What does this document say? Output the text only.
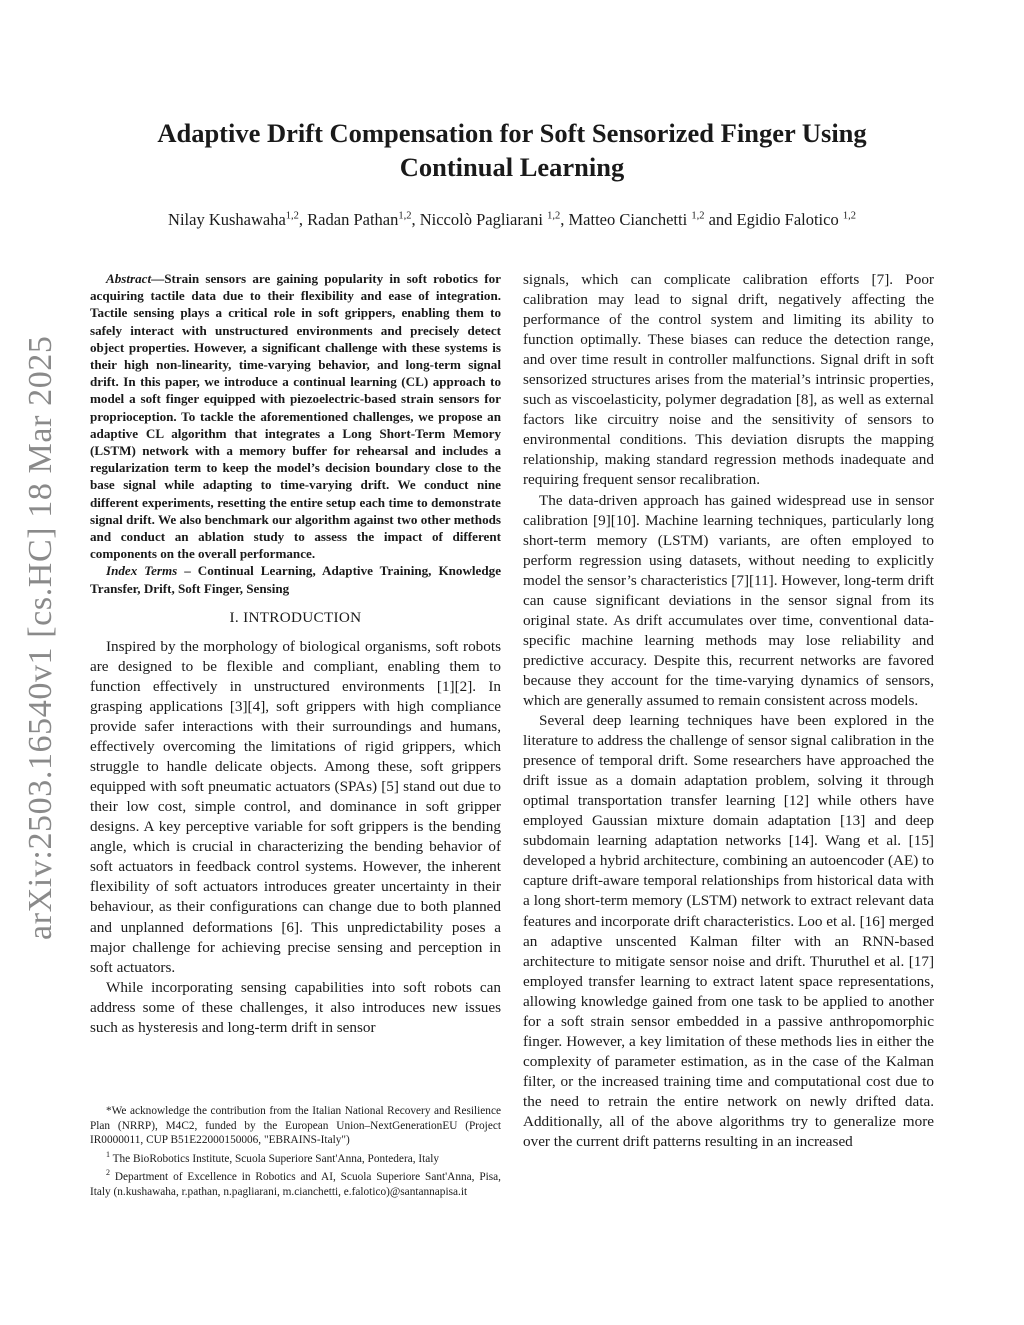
arXiv:2503.16540v1 [cs.HC] 18 Mar 2025
Adaptive Drift Compensation for Soft Sensorized Finger Using Continual Learning
Nilay Kushawaha$^{1,2}$, Radan Pathan$^{1,2}$, Niccolò Pagliarani $^{1,2}$, Matteo Cianchetti $^{1,2}$ and Egidio Falotico $^{1,2}$

Abstract—Strain sensors are gaining popularity in soft robotics for acquiring tactile data due to their flexibility and ease of integration. Tactile sensing plays a critical role in soft grippers, enabling them to safely interact with unstructured environments and precisely detect object properties. However, a significant challenge with these systems is their high non-linearity, time-varying behavior, and long-term signal drift. In this paper, we introduce a continual learning (CL) approach to model a soft finger equipped with piezoelectric-based strain sensors for proprioception. To tackle the aforementioned challenges, we propose an adaptive CL algorithm that integrates a Long Short-Term Memory (LSTM) network with a memory buffer for rehearsal and includes a regularization term to keep the model’s decision boundary close to the base signal while adapting to time-varying drift. We conduct nine different experiments, resetting the entire setup each time to demonstrate signal drift. We also benchmark our algorithm against two other methods and conduct an ablation study to assess the impact of different components on the overall performance.

Index Terms – Continual Learning, Adaptive Training, Knowledge Transfer, Drift, Soft Finger, Sensing

I. INTRODUCTION

Inspired by the morphology of biological organisms, soft robots are designed to be flexible and compliant, enabling them to function effectively in unstructured environments [1][2]. In grasping applications [3][4], soft grippers with high compliance provide safer interactions with their surroundings and humans, effectively overcoming the limitations of rigid grippers, which struggle to handle delicate objects. Among these, soft grippers equipped with soft pneumatic actuators (SPAs) [5] stand out due to their low cost, simple control, and dominance in soft gripper designs. A key perceptive variable for soft grippers is the bending angle, which is crucial in characterizing the bending behavior of soft actuators in feedback control systems. However, the inherent flexibility of soft actuators introduces greater uncertainty in their behaviour, as their configurations can change due to both planned and unplanned deformations [6]. This unpredictability poses a major challenge for achieving precise sensing and perception in soft actuators.

While incorporating sensing capabilities into soft robots can address some of these challenges, it also introduces new issues such as hysteresis and long-term drift in sensor

*We acknowledge the contribution from the Italian National Recovery and Resilience Plan (NRRP), M4C2, funded by the European Union–NextGenerationEU (Project IR0000011, CUP B51E22000150006, "EBRAINS-Italy")

$^1$ The BioRobotics Institute, Scuola Superiore Sant'Anna, Pontedera, Italy

$^2$ Department of Excellence in Robotics and AI, Scuola Superiore Sant'Anna, Pisa, Italy (n.kushawaha, r.pathan, n.pagliarani, m.cianchetti, e.falotico)@santannapisa.it

signals, which can complicate calibration efforts [7]. Poor calibration may lead to signal drift, negatively affecting the performance of the control system and limiting its ability to function optimally. These biases can reduce the detection range, and over time result in controller malfunctions. Signal drift in soft sensorized structures arises from the material’s intrinsic properties, such as viscoelasticity, polymer degradation [8], as well as external factors like circuitry noise and the sensitivity of sensors to environmental conditions. This deviation disrupts the mapping relationship, making standard regression methods inadequate and requiring frequent sensor recalibration.

The data-driven approach has gained widespread use in sensor calibration [9][10]. Machine learning techniques, particularly long short-term memory (LSTM) variants, are often employed to perform regression using datasets, without needing to explicitly model the sensor’s characteristics [7][11]. However, long-term drift can cause significant deviations in the sensor signal from its original state. As drift accumulates over time, conventional data-specific machine learning methods may lose reliability and predictive accuracy. Despite this, recurrent networks are favored because they account for the time-varying dynamics of sensors, which are generally assumed to remain consistent across models.

Several deep learning techniques have been explored in the literature to address the challenge of sensor signal calibration in the presence of temporal drift. Some researchers have approached the drift issue as a domain adaptation problem, solving it through optimal transportation transfer learning [12] while others have employed Gaussian mixture domain adaptation [13] and deep subdomain learning adaptation networks [14]. Wang et al. [15] developed a hybrid architecture, combining an autoencoder (AE) to capture drift-aware temporal relationships from historical data with a long short-term memory (LSTM) network to extract relevant data features and incorporate drift characteristics. Loo et al. [16] merged an adaptive unscented Kalman filter with an RNN-based architecture to mitigate sensor noise and drift. Thuruthel et al. [17] employed transfer learning to extract latent space representations, allowing knowledge gained from one task to be applied to another for a soft strain sensor embedded in a passive anthropomorphic finger. However, a key limitation of these methods lies in either the complexity of parameter estimation, as in the case of the Kalman filter, or the increased training time and computational cost due to the need to retrain the entire network on newly drifted data. Additionally, all of the above algorithms try to generalize more over the current drift patterns resulting in an increased
